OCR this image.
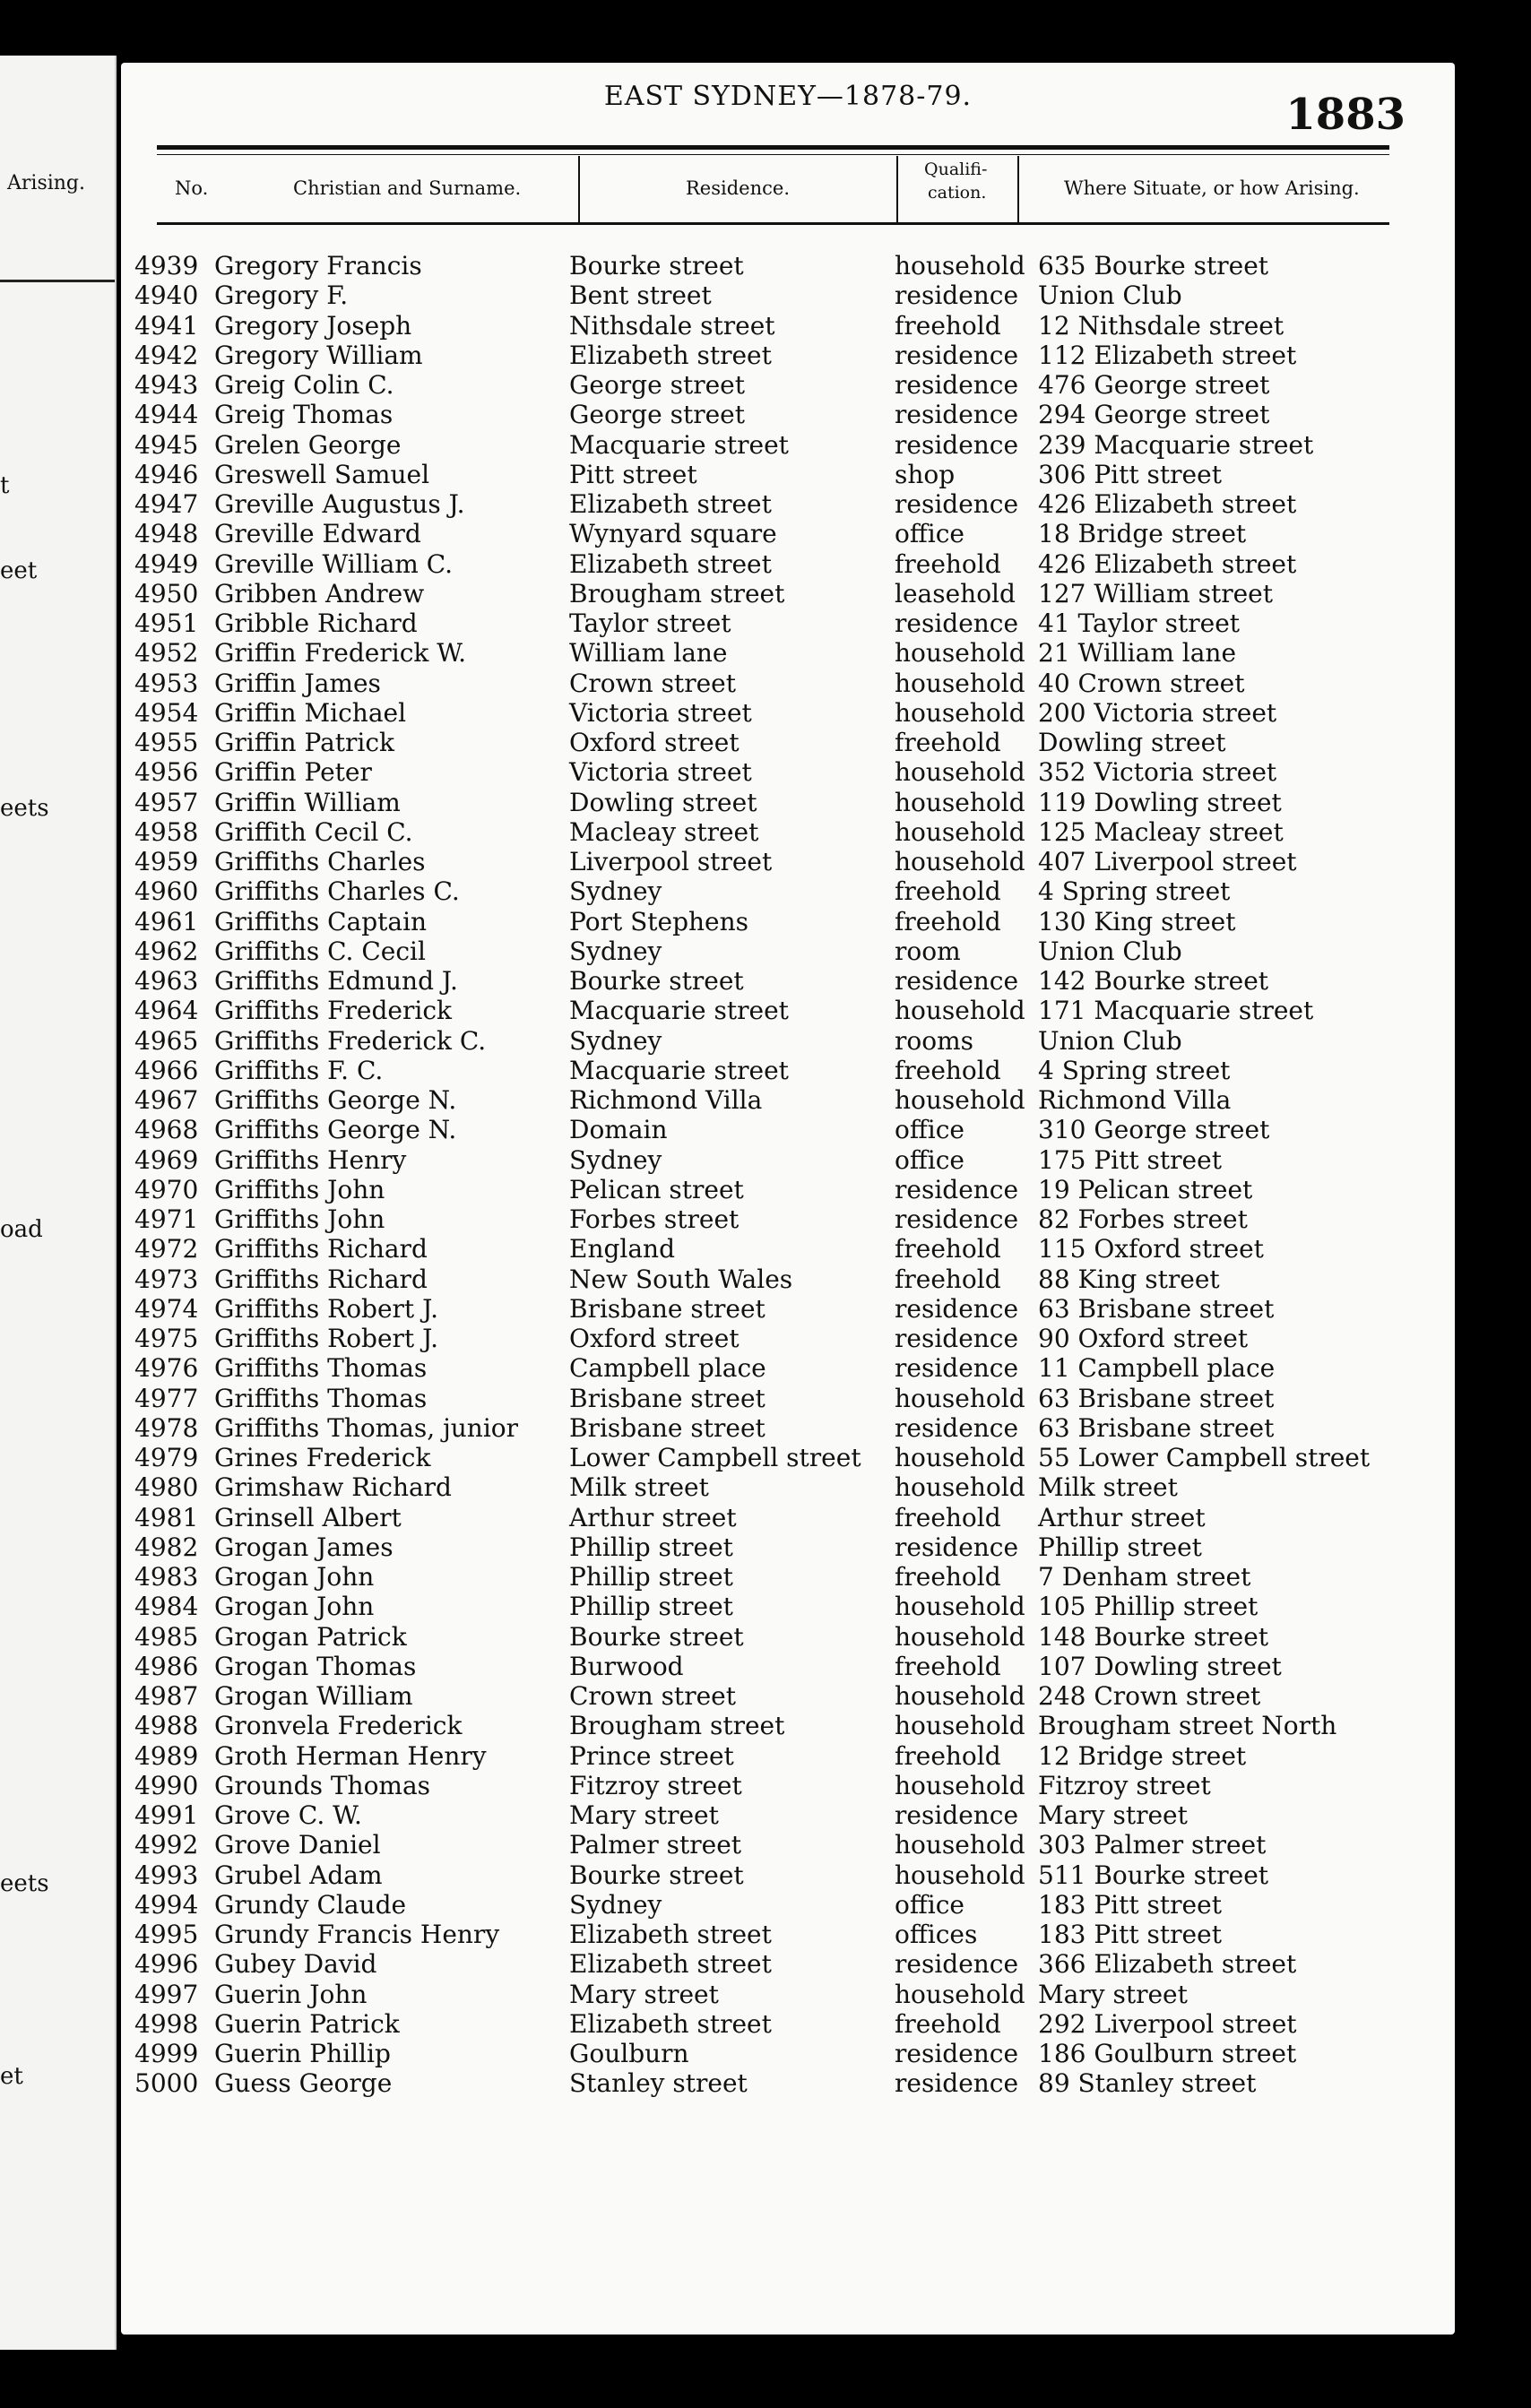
Arising.
t
eet
eets
oad
eets
et
EAST SYDNEY—1878-79.	1883
No.	Christian and Surname.	Residence.
Qualifi-
cation.	Where Situate, or how Arising.
4939 Gregory Francis	Bourke street	household 635 Bourke street
4940 Gregory F.	Bent street	residence Union Club
4941 Gregory Joseph	Nithsdale street	freehold 12 Nithsdale street
4942 Gregory William	Elizabeth street	residence 112 Elizabeth street
4943 Greig Colin C.	George street	residence 476 George street
4944 Greig Thomas	George street	residence 294 George street
4945 Grelen George	Macquarie street	residence 239 Macquarie street
4946 Greswell Samuel	Pitt street	shop	306 Pitt street
4947 Greville Augustus J.	Elizabeth street	residence 426 Elizabeth street
4948 Greville Edward	Wynyard square	office	18 Bridge street
4949 Greville William C.	Elizabeth street	freehold 426 Elizabeth street
4950 Gribben Andrew	Brougham street	leasehold 127 William street
4951 Gribble Richard	Taylor street	residence 41 Taylor street
4952 Griffin Frederick W.	William lane	household 21 William lane
4953 Griffin James	Crown street	household 40 Crown street
4954 Griffin Michael	Victoria street	household 200 Victoria street
4955 Griffin Patrick	Oxford street	freehold Dowling street
4956 Griffin Peter	Victoria street	household 352 Victoria street
4957 Griffin William	Dowling street	household 119 Dowling street
4958 Griffith Cecil C.	Macleay street	household 125 Macleay street
4959 Griffiths Charles	Liverpool street	household 407 Liverpool street
4960 Griffiths Charles C.	Sydney	freehold 4 Spring street
4961 Griffiths Captain	Port Stephens	freehold 130 King street
4962 Griffiths C. Cecil	Sydney	room	Union Club
4963 Griffiths Edmund J.	Bourke street	residence 142 Bourke street
4964 Griffiths Frederick	Macquarie street	household 171 Macquarie street
4965 Griffiths Frederick C.	Sydney	rooms	Union Club
4966 Griffiths F. C.	Macquarie street	freehold 4 Spring street
4967 Griffiths George N.	Richmond Villa	household Richmond Villa
4968 Griffiths George N.	Domain	office	310 George street
4969 Griffiths Henry	Sydney	office	175 Pitt street
4970 Griffiths John	Pelican street	residence 19 Pelican street
4971 Griffiths John	Forbes street	residence 82 Forbes street
4972 Griffiths Richard	England	freehold 115 Oxford street
4973 Griffiths Richard	New South Wales	freehold 88 King street
4974 Griffiths Robert J.	Brisbane street	residence 63 Brisbane street
4975 Griffiths Robert J.	Oxford street	residence 90 Oxford street
4976 Griffiths Thomas	Campbell place	residence 11 Campbell place
4977 Griffiths Thomas	Brisbane street	household 63 Brisbane street
4978 Griffiths Thomas, junior Brisbane street	residence 63 Brisbane street
4979 Grines Frederick	Lower Campbell street household 55 Lower Campbell street
4980 Grimshaw Richard	Milk street	household Milk street
4981 Grinsell Albert	Arthur street	freehold Arthur street
4982 Grogan James	Phillip street	residence Phillip street
4983 Grogan John	Phillip street	freehold 7 Denham street
4984 Grogan John	Phillip street	household 105 Phillip street
4985 Grogan Patrick	Bourke street	household 148 Bourke street
4986 Grogan Thomas	Burwood	freehold 107 Dowling street
4987 Grogan William	Crown street	household 248 Crown street
4988 Gronvela Frederick	Brougham street	household Brougham street North
4989 Groth Herman Henry	Prince street	freehold 12 Bridge street
4990 Grounds Thomas	Fitzroy street	household Fitzroy street
4991 Grove C. W.	Mary street	residence Mary street
4992 Grove Daniel	Palmer street	household 303 Palmer street
4993 Grubel Adam	Bourke street	household 511 Bourke street
4994 Grundy Claude	Sydney	office	183 Pitt street
4995 Grundy Francis Henry	Elizabeth street	offices 183 Pitt street
4996 Gubey David	Elizabeth street	residence 366 Elizabeth street
4997 Guerin John	Mary street	household Mary street
4998 Guerin Patrick	Elizabeth street	freehold 292 Liverpool street
4999 Guerin Phillip	Goulburn	residence 186 Goulburn street
5000 Guess George	Stanley street	residence 89 Stanley street
